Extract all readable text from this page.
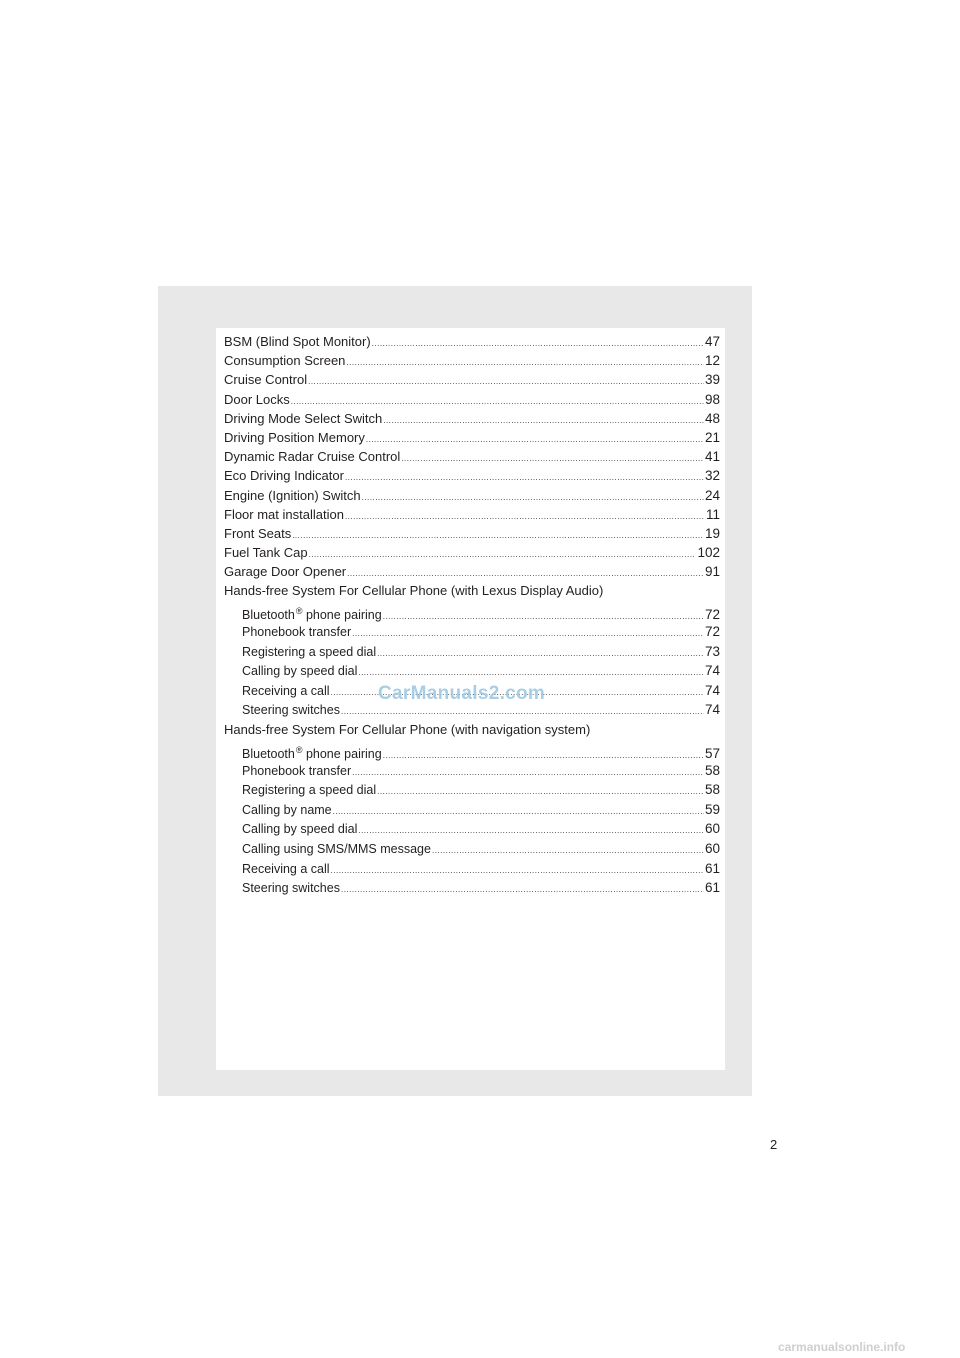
BSM (Blind Spot Monitor) .....	47
Consumption Screen .....	12
Cruise Control .....	39
Door Locks .....	98
Driving Mode Select Switch .....	48
Driving Position Memory .....	21
Dynamic Radar Cruise Control .....	41
Eco Driving Indicator .....	32
Engine (Ignition) Switch .....	24
Floor mat installation .....	11
Front Seats .....	19
Fuel Tank Cap .....	102
Garage Door Opener .....	91
Hands-free System For Cellular Phone (with Lexus Display Audio)
Bluetooth® phone pairing .....	72
Phonebook transfer .....	72
Registering a speed dial .....	73
Calling by speed dial .....	74
Receiving a call .....	74
Steering switches .....	74
Hands-free System For Cellular Phone (with navigation system)
Bluetooth® phone pairing .....	57
Phonebook transfer .....	58
Registering a speed dial .....	58
Calling by name .....	59
Calling by speed dial .....	60
Calling using SMS/MMS message .....	60
Receiving a call .....	61
Steering switches .....	61
CarManuals2.com
2
carmanualsonline.info
